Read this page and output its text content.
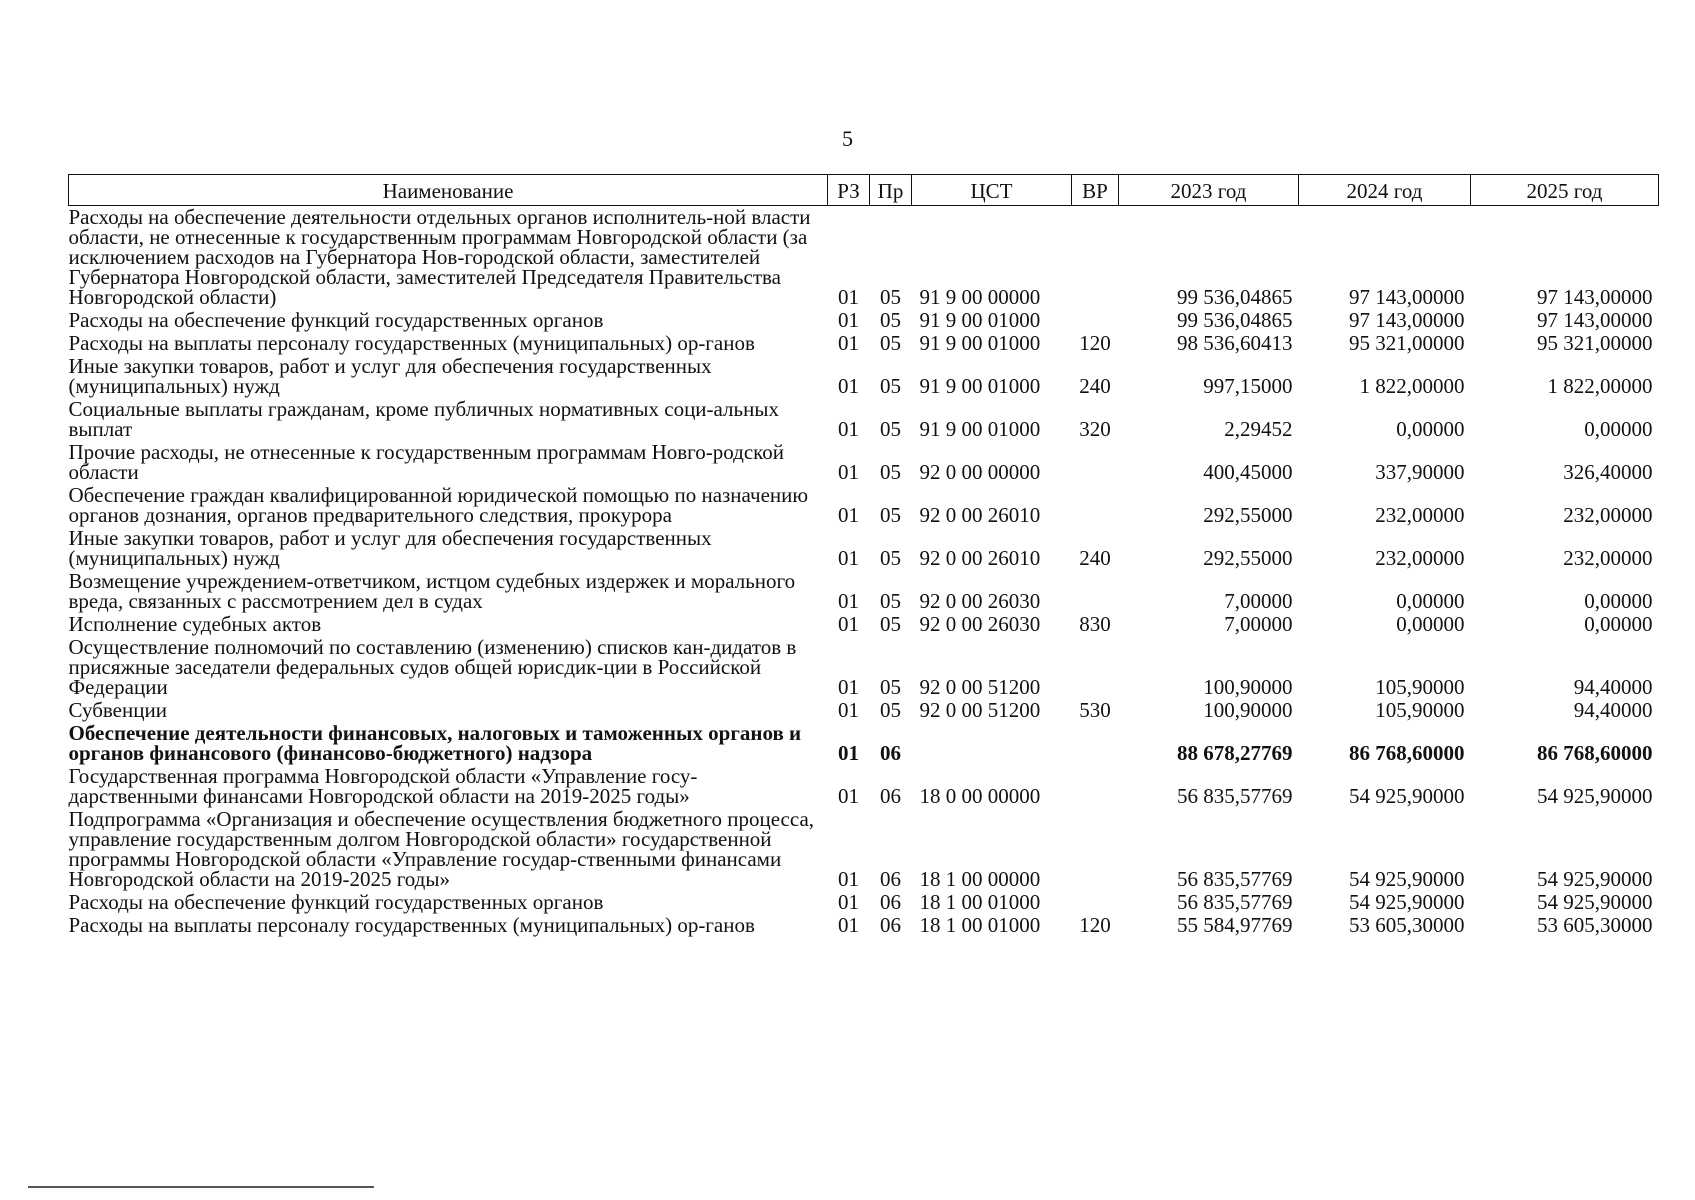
5
Наименование	РЗ	Пр	ЦСТ	ВР	2023 год	2024 год	2025 год
Расходы на обеспечение деятельности отдельных органов исполнитель-ной власти области, не отнесенные к государственным программам Новгородской области (за исключением расходов на Губернатора Нов-городской области, заместителей Губернатора Новгородской области, заместителей Председателя Правительства Новгородской области)	01	05	91 9 00 00000		99 536,04865	97 143,00000	97 143,00000
Расходы на обеспечение функций государственных органов	01	05	91 9 00 01000		99 536,04865	97 143,00000	97 143,00000
Расходы на выплаты персоналу государственных (муниципальных) ор-ганов	01	05	91 9 00 01000	120	98 536,60413	95 321,00000	95 321,00000
Иные закупки товаров, работ и услуг для обеспечения государственных (муниципальных) нужд	01	05	91 9 00 01000	240	997,15000	1 822,00000	1 822,00000
Социальные выплаты гражданам, кроме публичных нормативных соци-альных выплат	01	05	91 9 00 01000	320	2,29452	0,00000	0,00000
Прочие расходы, не отнесенные к государственным программам Новго-родской области	01	05	92 0 00 00000		400,45000	337,90000	326,40000
Обеспечение граждан квалифицированной юридической помощью по назначению органов дознания, органов предварительного следствия, прокурора	01	05	92 0 00 26010		292,55000	232,00000	232,00000
Иные закупки товаров, работ и услуг для обеспечения государственных (муниципальных) нужд	01	05	92 0 00 26010	240	292,55000	232,00000	232,00000
Возмещение учреждением-ответчиком, истцом судебных издержек и морального вреда, связанных с рассмотрением дел в судах	01	05	92 0 00 26030		7,00000	0,00000	0,00000
Исполнение судебных актов	01	05	92 0 00 26030	830	7,00000	0,00000	0,00000
Осуществление полномочий по составлению (изменению) списков кан-дидатов в присяжные заседатели федеральных судов общей юрисдик-ции в Российской Федерации	01	05	92 0 00 51200		100,90000	105,90000	94,40000
Субвенции	01	05	92 0 00 51200	530	100,90000	105,90000	94,40000
Обеспечение деятельности финансовых, налоговых и таможенных органов и органов финансового (финансово-бюджетного) надзора	01	06			88 678,27769	86 768,60000	86 768,60000
Государственная программа Новгородской области «Управление госу-дарственными финансами Новгородской области на 2019-2025 годы»	01	06	18 0 00 00000		56 835,57769	54 925,90000	54 925,90000
Подпрограмма «Организация и обеспечение осуществления бюджетного процесса, управление государственным долгом Новгородской области» государственной программы Новгородской области «Управление государ-ственными финансами Новгородской области на 2019-2025 годы»	01	06	18 1 00 00000		56 835,57769	54 925,90000	54 925,90000
Расходы на обеспечение функций государственных органов	01	06	18 1 00 01000		56 835,57769	54 925,90000	54 925,90000
Расходы на выплаты персоналу государственных (муниципальных) ор-ганов	01	06	18 1 00 01000	120	55 584,97769	53 605,30000	53 605,30000
